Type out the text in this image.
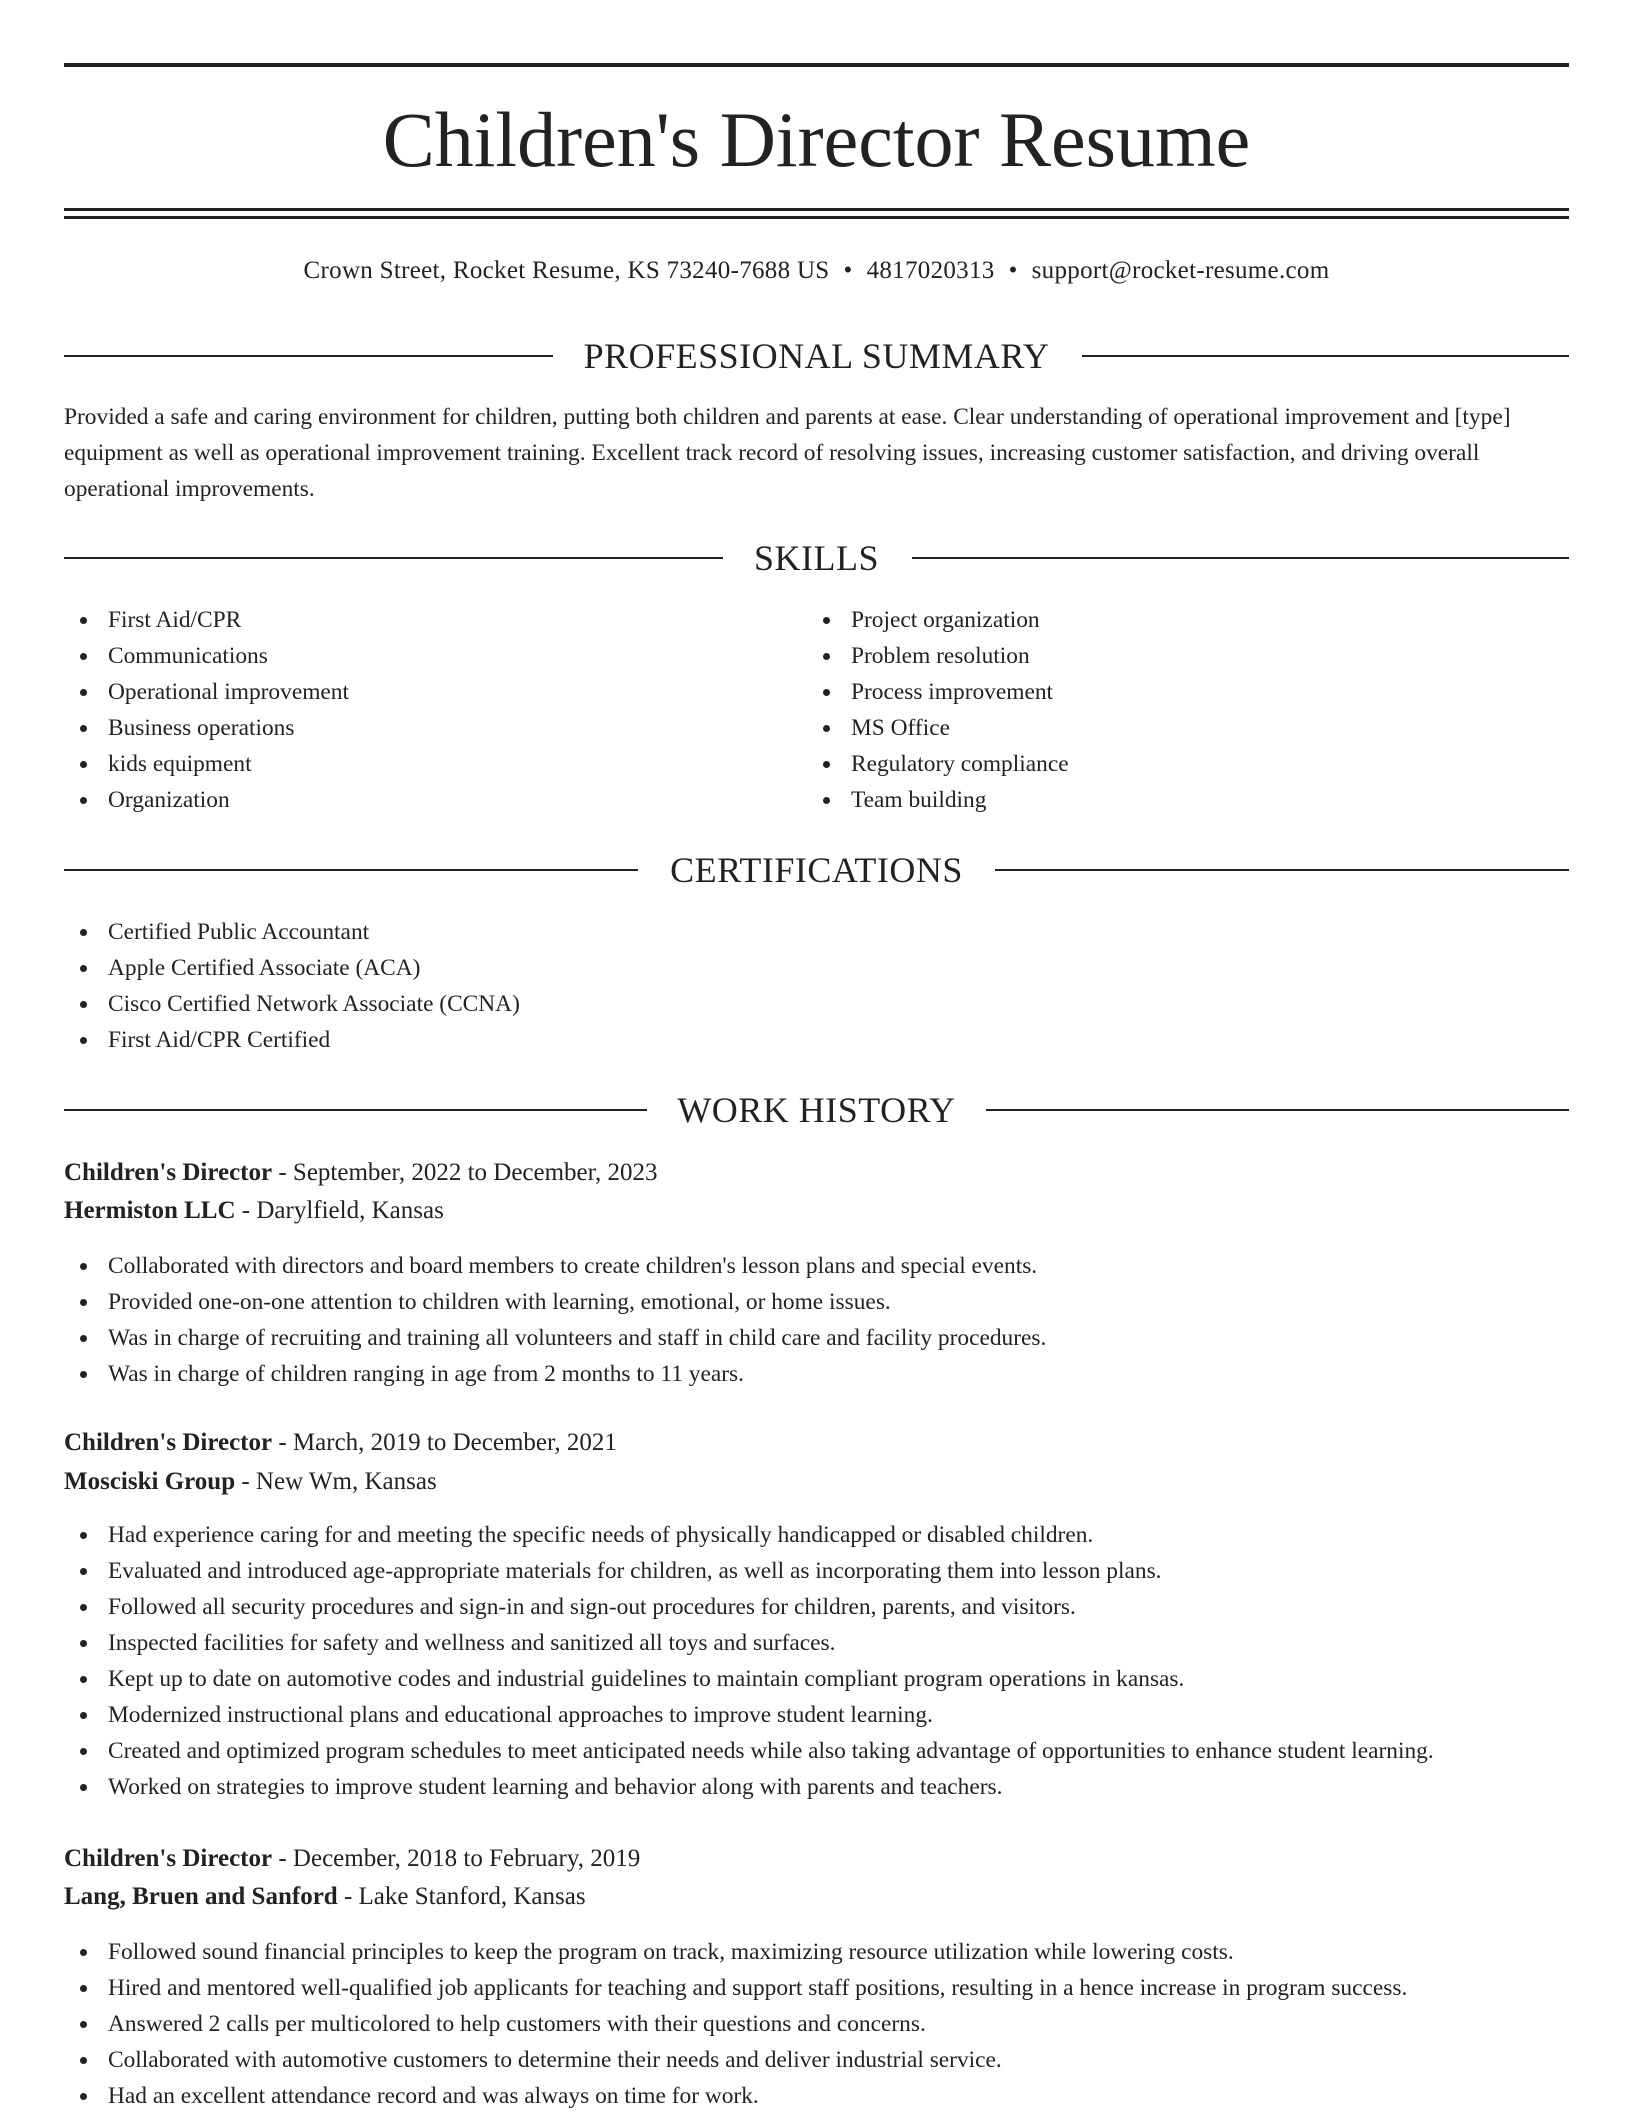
Children's Director Resume
Crown Street, Rocket Resume, KS 73240-7688 US • 4817020313 • support@rocket-resume.com
PROFESSIONAL SUMMARY

Provided a safe and caring environment for children, putting both children and parents at ease. Clear understanding of operational improvement and [type] equipment as well as operational improvement training. Excellent track record of resolving issues, increasing customer satisfaction, and driving overall operational improvements.

SKILLS
First Aid/CPR
Communications
Operational improvement
Business operations
kids equipment
Organization
Project organization
Problem resolution
Process improvement
MS Office
Regulatory compliance
Team building
CERTIFICATIONS
Certified Public Accountant
Apple Certified Associate (ACA)
Cisco Certified Network Associate (CCNA)
First Aid/CPR Certified
WORK HISTORY
Children's Director - September, 2022 to December, 2023
Hermiston LLC - Darylfield, Kansas
Collaborated with directors and board members to create children's lesson plans and special events.
Provided one-on-one attention to children with learning, emotional, or home issues.
Was in charge of recruiting and training all volunteers and staff in child care and facility procedures.
Was in charge of children ranging in age from 2 months to 11 years.
Children's Director - March, 2019 to December, 2021
Mosciski Group - New Wm, Kansas
Had experience caring for and meeting the specific needs of physically handicapped or disabled children.
Evaluated and introduced age-appropriate materials for children, as well as incorporating them into lesson plans.
Followed all security procedures and sign-in and sign-out procedures for children, parents, and visitors.
Inspected facilities for safety and wellness and sanitized all toys and surfaces.
Kept up to date on automotive codes and industrial guidelines to maintain compliant program operations in kansas.
Modernized instructional plans and educational approaches to improve student learning.
Created and optimized program schedules to meet anticipated needs while also taking advantage of opportunities to enhance student learning.
Worked on strategies to improve student learning and behavior along with parents and teachers.
Children's Director - December, 2018 to February, 2019
Lang, Bruen and Sanford - Lake Stanford, Kansas
Followed sound financial principles to keep the program on track, maximizing resource utilization while lowering costs.
Hired and mentored well-qualified job applicants for teaching and support staff positions, resulting in a hence increase in program success.
Answered 2 calls per multicolored to help customers with their questions and concerns.
Collaborated with automotive customers to determine their needs and deliver industrial service.
Had an excellent attendance record and was always on time for work.
